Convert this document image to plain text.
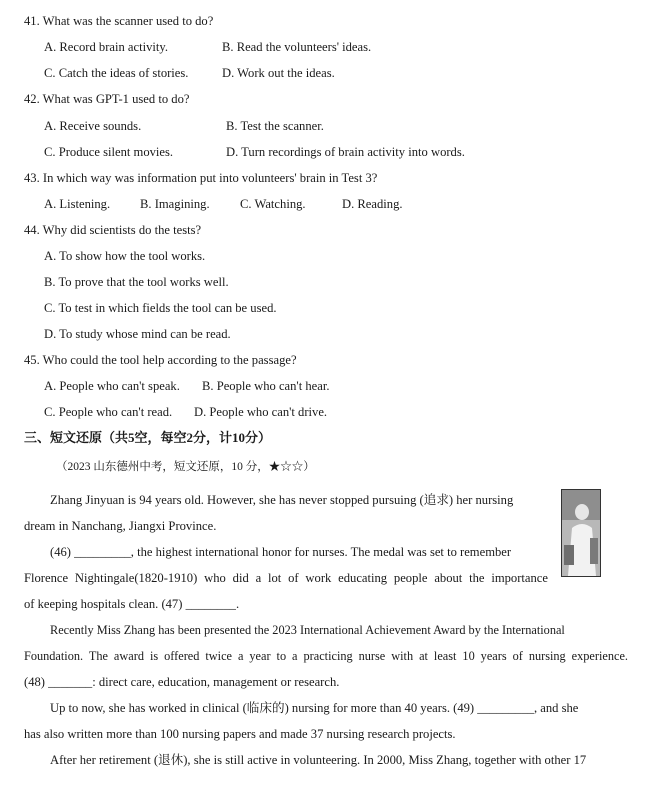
41. What was the scanner used to do?
A. Record brain activity.	B. Read the volunteers' ideas.
C. Catch the ideas of stories.	D. Work out the ideas.
42. What was GPT-1 used to do?
A. Receive sounds.	B. Test the scanner.
C. Produce silent movies.	D. Turn recordings of brain activity into words.
43. In which way was information put into volunteers' brain in Test 3?
A. Listening. B. Imagining. C. Watching.	D. Reading.
44. Why did scientists do the tests?
A. To show how the tool works.
B. To prove that the tool works well.
C. To test in which fields the tool can be used.
D. To study whose mind can be read.
45. Who could the tool help according to the passage?
A. People who can't speak. B. People who can't hear.
C. People who can't read. D. People who can't drive.
三、短文还原（共5空，每空2分，计10分）
（2023 山东德州中考，短文还原，10 分，★☆☆）
Zhang Jinyuan is 94 years old. However, she has never stopped pursuing (追求) her nursing
dream in Nanchang, Jiangxi Province.
(46) _________, the highest international honor for nurses. The medal was set to remember
Florence Nightingale(1820-1910) who did a lot of work educating people about the importance
of keeping hospitals clean. (47) ________.
Recently Miss Zhang has been presented the 2023 International Achievement Award by the International
Foundation. The award is offered twice a year to a practicing nurse with at least 10 years of nursing experience.
(48) _______: direct care, education, management or research.
Up to now, she has worked in clinical (临床的) nursing for more than 40 years. (49) _________, and she
has also written more than 100 nursing papers and made 37 nursing research projects.
After her retirement (退休), she is still active in volunteering. In 2000, Miss Zhang, together with other 17
